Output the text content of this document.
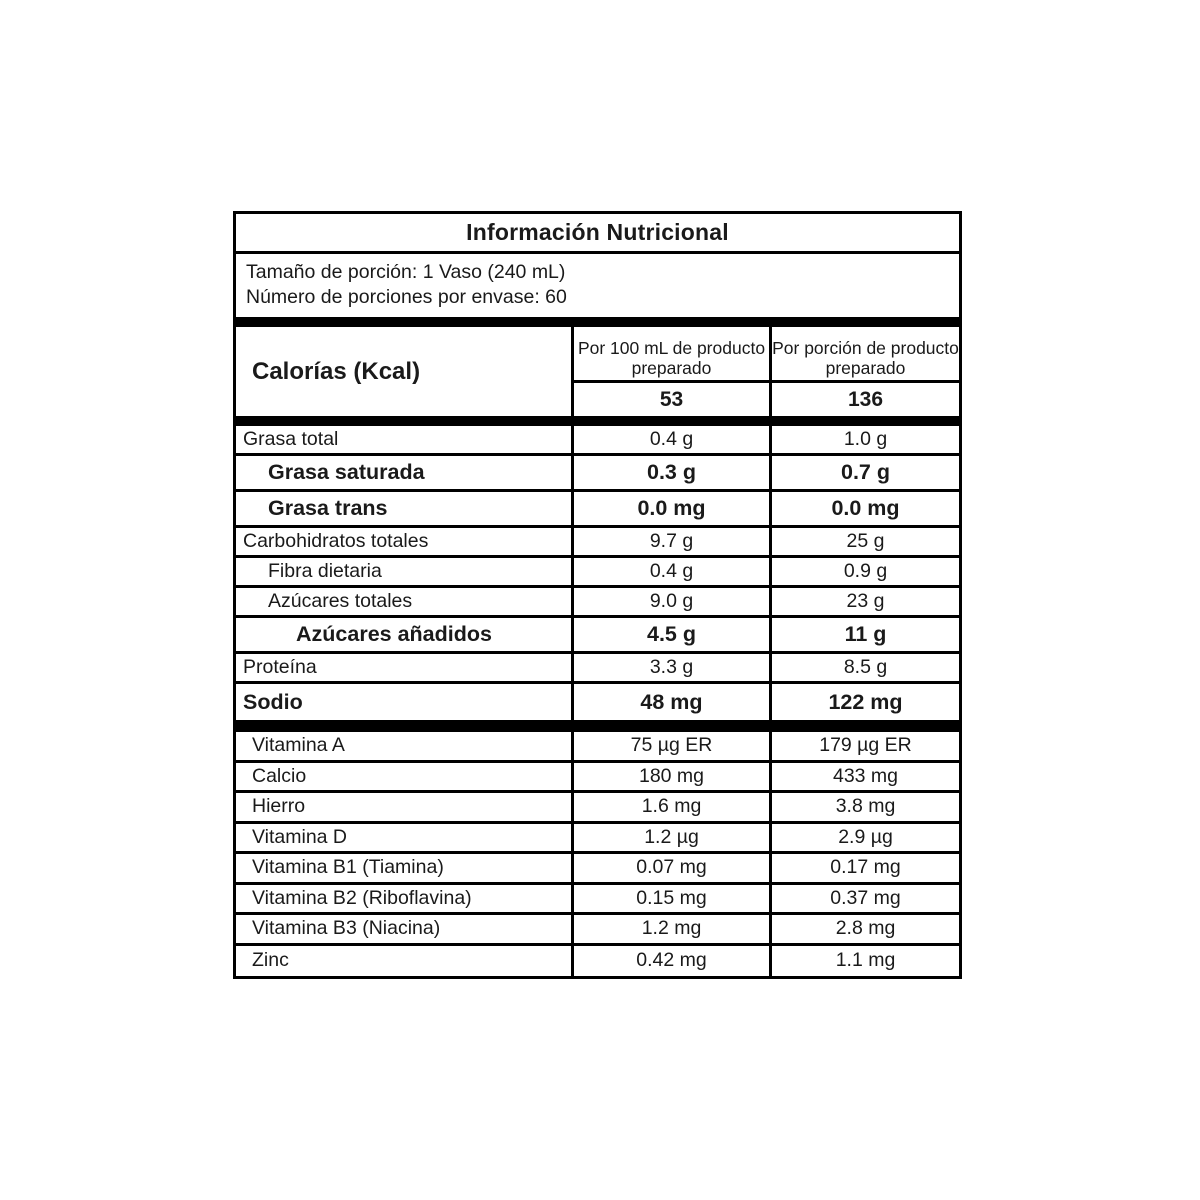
Información Nutricional
Tamaño de porción: 1 Vaso (240 mL)
Número de porciones por envase: 60
Calorías (Kcal)
Por 100 mL de producto preparado
Por porción de producto preparado
53	136
Grasa total	0.4 g	1.0 g
Grasa saturada	0.3 g	0.7 g
Grasa trans	0.0 mg	0.0 mg
Carbohidratos totales	9.7 g	25 g
Fibra dietaria	0.4 g	0.9 g
Azúcares totales	9.0 g	23 g
Azúcares añadidos	4.5 g	11 g
Proteína	3.3 g	8.5 g
Sodio	48 mg	122 mg
Vitamina A	75 µg ER	179 µg ER
Calcio	180 mg	433 mg
Hierro	1.6 mg	3.8 mg
Vitamina D	1.2 µg	2.9 µg
Vitamina B1 (Tiamina)	0.07 mg	0.17 mg
Vitamina B2 (Riboflavina)	0.15 mg	0.37 mg
Vitamina B3 (Niacina)	1.2 mg	2.8 mg
Zinc	0.42 mg	1.1 mg
